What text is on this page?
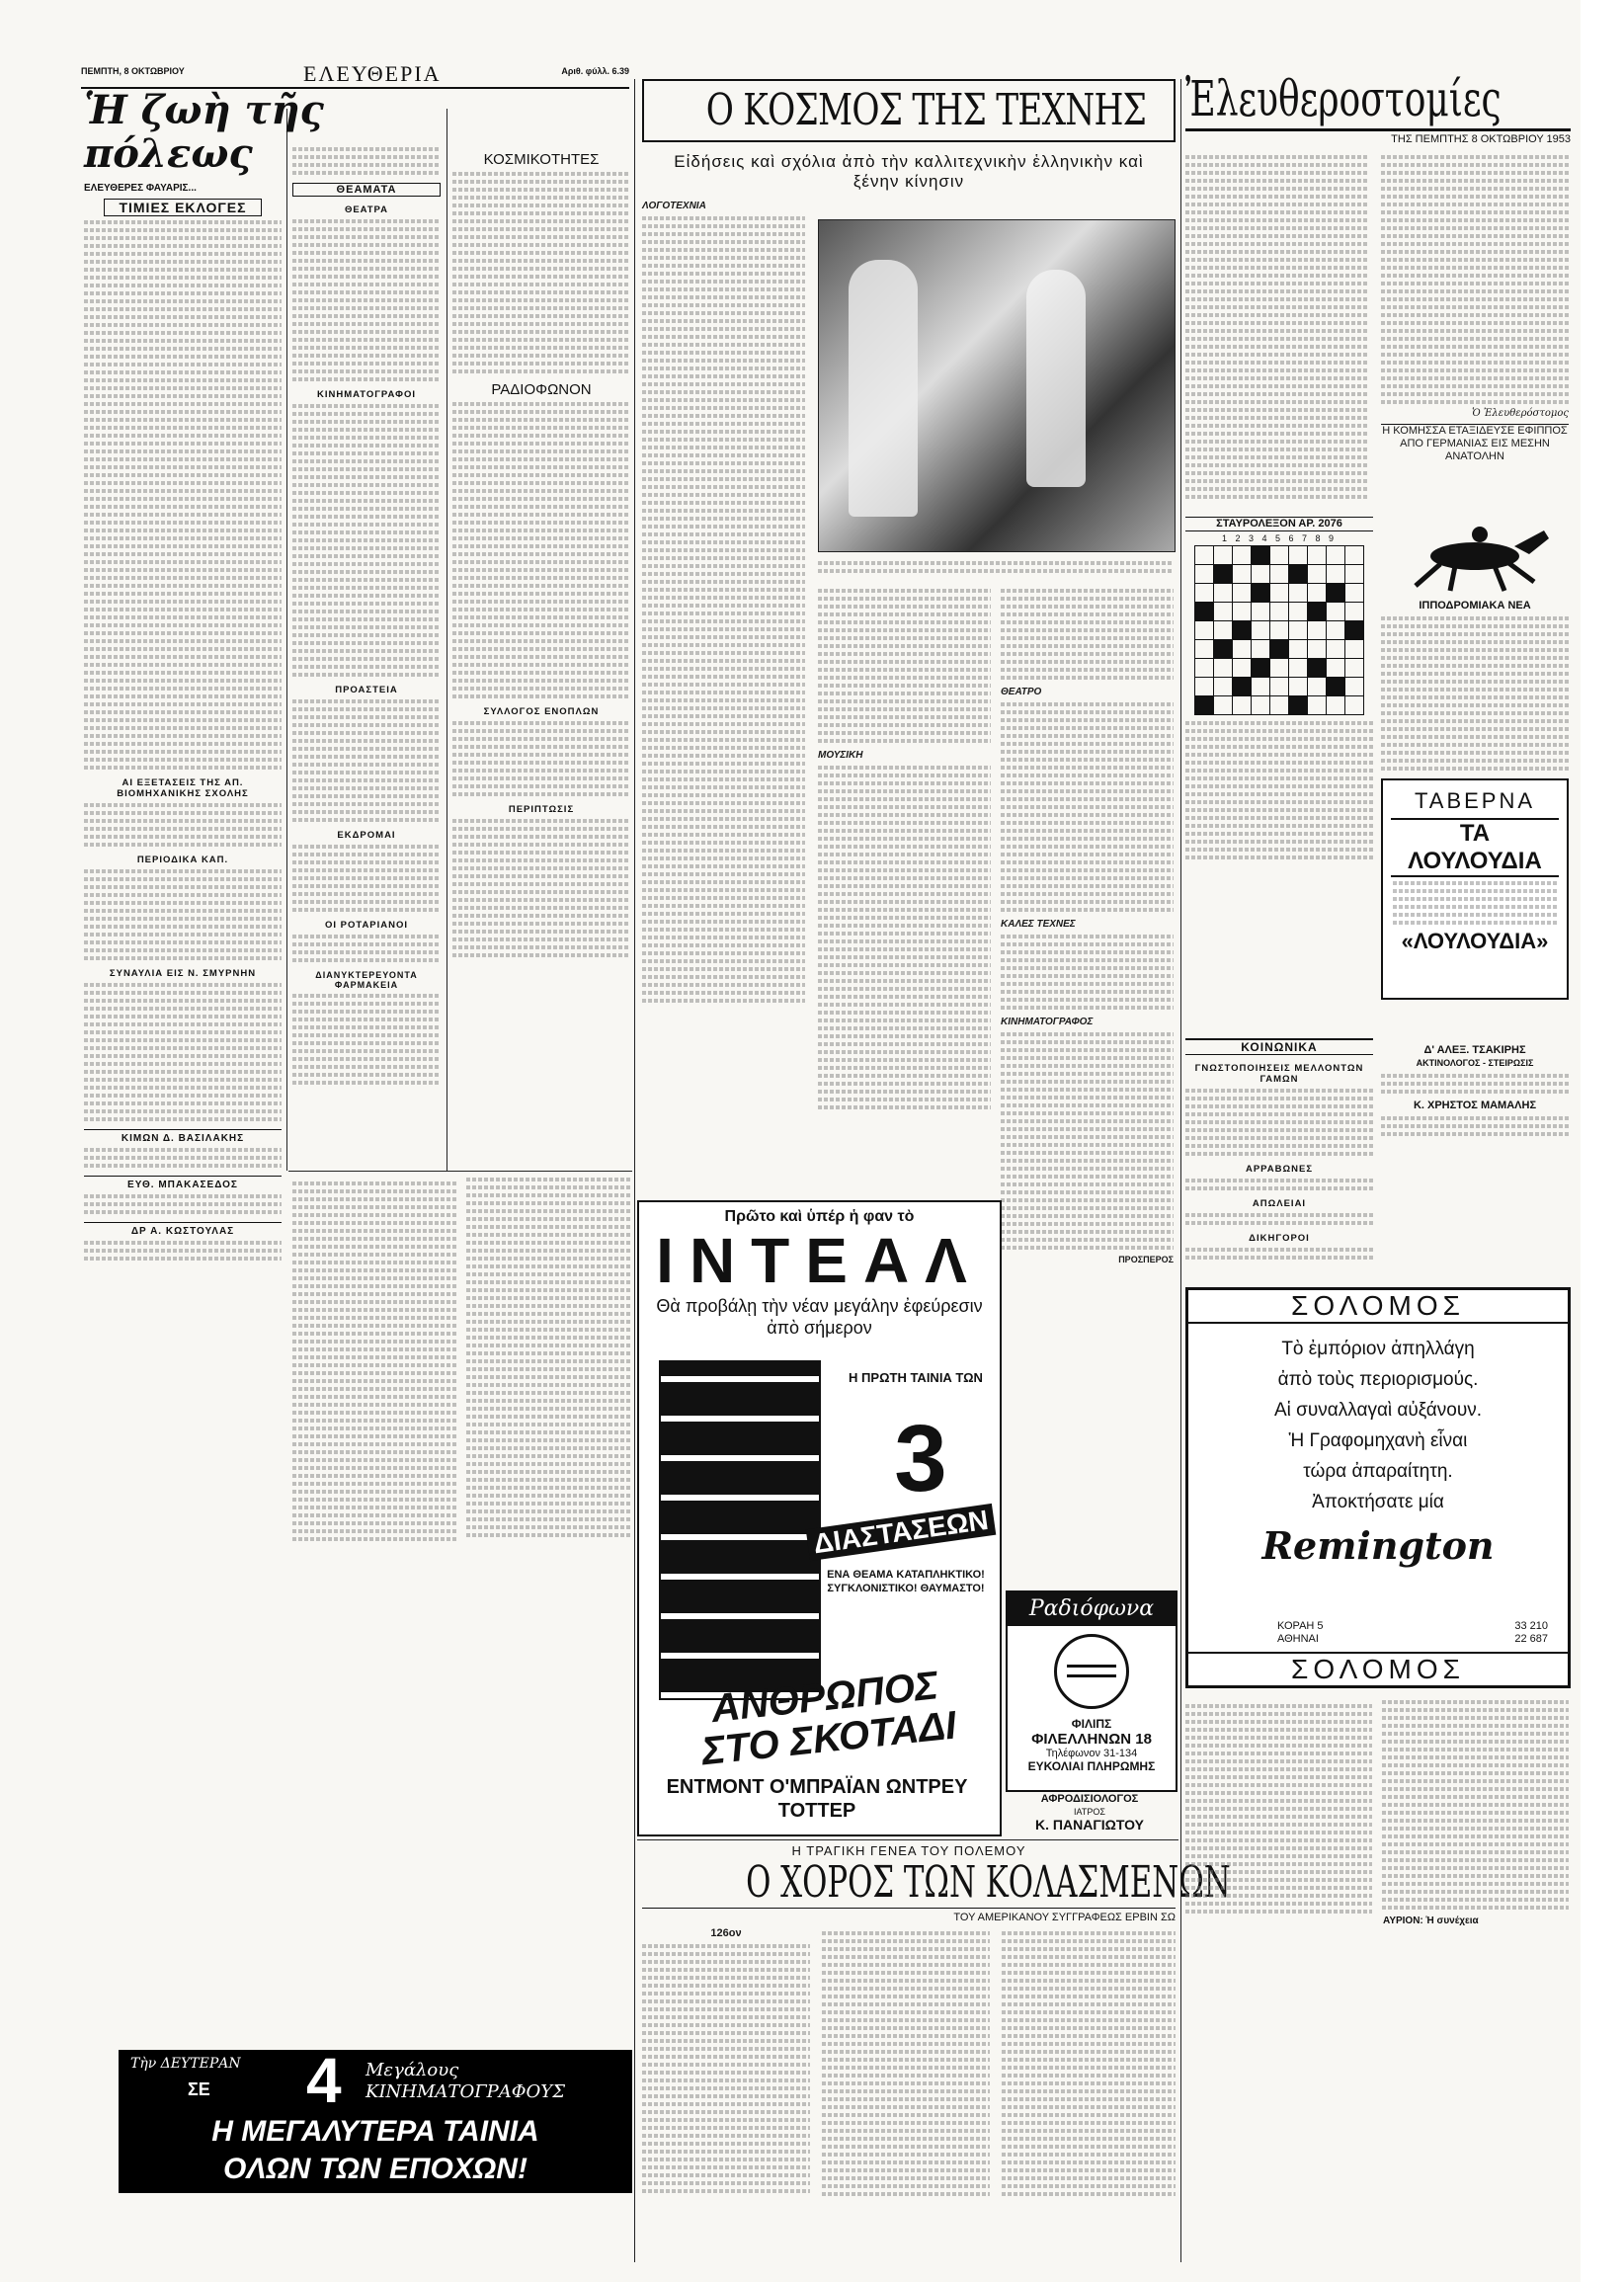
ΠΕΜΠΤΗ, 8 ΟΚΤΩΒΡΙΟΥ	ΕΛΕΥΘΕΡΙΑ	Αριθ. φύλλ. 6.39
Ἡ ζωὴ τῆς πόλεως
ΕΛΕΥΘΕΡΕΣ ΦΑΥΑΡΙΣ...
ΤΙΜΙΕΣ ΕΚΛΟΓΕΣ
ΑΙ ΕΞΕΤΑΣΕΙΣ ΤΗΣ ΑΠ. ΒΙΟΜΗΧΑΝΙΚΗΣ ΣΧΟΛΗΣ
ΠΕΡΙΟΔΙΚΑ ΚΑΠ.
ΣΥΝΑΥΛΙΑ ΕΙΣ Ν. ΣΜΥΡΝΗΝ
ΚΙΜΩΝ Δ. ΒΑΣΙΛΑΚΗΣ
ΕΥΘ. ΜΠΑΚΑΣΕΔΟΣ
ΔΡ Α. ΚΩΣΤΟΥΛΑΣ
ΘΕΑΜΑΤΑ
ΘΕΑΤΡΑ
ΚΙΝΗΜΑΤΟΓΡΑΦΟΙ
ΠΡΟΑΣΤΕΙΑ
ΕΚΔΡΟΜΑΙ
ΟΙ ΡΟΤΑΡΙΑΝΟΙ
ΔΙΑΝΥΚΤΕΡΕΥΟΝΤΑ ΦΑΡΜΑΚΕΙΑ
ΚΟΣΜΙΚΟΤΗΤΕΣ
ΡΑΔΙΟΦΩΝΟΝ
ΣΥΛΛΟΓΟΣ ΕΝΟΠΛΩΝ
ΠΕΡΙΠΤΩΣΙΣ
Τὴν ΔΕΥΤΕΡΑΝ
ΣΕ 4 Μεγάλους ΚΙΝΗΜΑΤΟΓΡΑΦΟΥΣ
Η ΜΕΓΑΛΥΤΕΡΑ ΤΑΙΝΙΑ
ΟΛΩΝ ΤΩΝ ΕΠΟΧΩΝ!
Ο ΚΟΣΜΟΣ ΤΗΣ ΤΕΧΝΗΣ
Εἰδήσεις καὶ σχόλια ἀπὸ τὴν καλλιτεχνικὴν ἑλληνικὴν καὶ ξένην κίνησιν
ΛΟΓΟΤΕΧΝΙΑ
ΜΟΥΣΙΚΗ
ΘΕΑΤΡΟ
ΚΑΛΕΣ ΤΕΧΝΕΣ
ΚΙΝΗΜΑΤΟΓΡΑΦΟΣ
ΠΡΟΣΠΕΡΟΣ
Πρῶτο καὶ ὑπέρ ἡ φαν τὸ
ΙΝΤΕΑΛ
Θὰ προβάλῃ τὴν νέαν μεγάλην ἐφεύρεσιν ἀπὸ σήμερον
Η ΠΡΩΤΗ ΤΑΙΝΙΑ ΤΩΝ
3
ΔΙΑΣΤΑΣΕΩΝ
ΕΝΑ ΘΕΑΜΑ ΚΑΤΑΠΛΗΚΤΙΚΟ! ΣΥΓΚΛΟΝΙΣΤΙΚΟ! ΘΑΥΜΑΣΤΟ!
ΑΝΘΡΩΠΟΣ ΣΤΟ ΣΚΟΤΑΔΙ
ΕΝΤΜΟΝΤ Ο'ΜΠΡΑΪΑΝ ΩΝΤΡΕΥ ΤΟΤΤΕΡ
Ραδιόφωνα
ΦΙΛΙΠΣ
ΦΙΛΕΛΛΗΝΩΝ 18
Τηλέφωνον 31-134
ΕΥΚΟΛΙΑΙ ΠΛΗΡΩΜΗΣ
ΑΦΡΟΔΙΣΙΟΛΟΓΟΣ
ΙΑΤΡΟΣ
Κ. ΠΑΝΑΓΙΩΤΟΥ
Η ΤΡΑΓΙΚΗ ΓΕΝΕΑ ΤΟΥ ΠΟΛΕΜΟΥ
Ο ΧΟΡΟΣ ΤΩΝ ΚΟΛΑΣΜΕΝΩΝ
ΤΟΥ ΑΜΕΡΙΚΑΝΟΥ ΣΥΓΓΡΑΦΕΩΣ ΕΡΒΙΝ ΣΩ
126ον
Ἐλευθεροστομίες
ΤΗΣ ΠΕΜΠΤΗΣ 8 ΟΚΤΩΒΡΙΟΥ 1953
Ὁ Ἐλευθερόστομος
Η ΚΟΜΗΣΣΑ ΕΤΑΞΙΔΕΥΣΕ ΕΦΙΠΠΟΣ ΑΠΟ ΓΕΡΜΑΝΙΑΣ ΕΙΣ ΜΕΣΗΝ ΑΝΑΤΟΛΗΝ
ΣΤΑΥΡΟΛΕΞΟΝ ΑΡ. 2076
1 2 3 4 5 6 7 8 9

ΙΠΠΟΔΡΟΜΙΑΚΑ ΝΕΑ
ΤΑΒΕΡΝΑ
ΤΑ ΛΟΥΛΟΥΔΙΑ
«ΛΟΥΛΟΥΔΙΑ»
ΚΟΙΝΩΝΙΚΑ
ΓΝΩΣΤΟΠΟΙΗΣΕΙΣ ΜΕΛΛΟΝΤΩΝ ΓΑΜΩΝ
ΑΡΡΑΒΩΝΕΣ
ΑΠΩΛΕΙΑΙ
ΔΙΚΗΓΟΡΟΙ
Δ' ΑΛΕΞ. ΤΣΑΚΙΡΗΣ
ΑΚΤΙΝΟΛΟΓΟΣ - ΣΤΕΙΡΩΣΙΣ
Κ. ΧΡΗΣΤΟΣ ΜΑΜΑΛΗΣ
ΣΟΛΟΜΟΣ
Τὸ ἐμπόριον ἀπηλλάγη
ἀπὸ τοὺς περιορισμούς.
Αἱ συναλλαγαὶ αὐξάνουν.
Ἡ Γραφομηχανὴ εἶναι
τώρα ἀπαραίτητη.
Ἀποκτήσατε μία
Remington
ΚΟΡΑΗ 5
ΑΘΗΝΑΙ
33 210
22 687
ΣΟΛΟΜΟΣ
ΑΥΡΙΟΝ: Ἡ συνέχεια
